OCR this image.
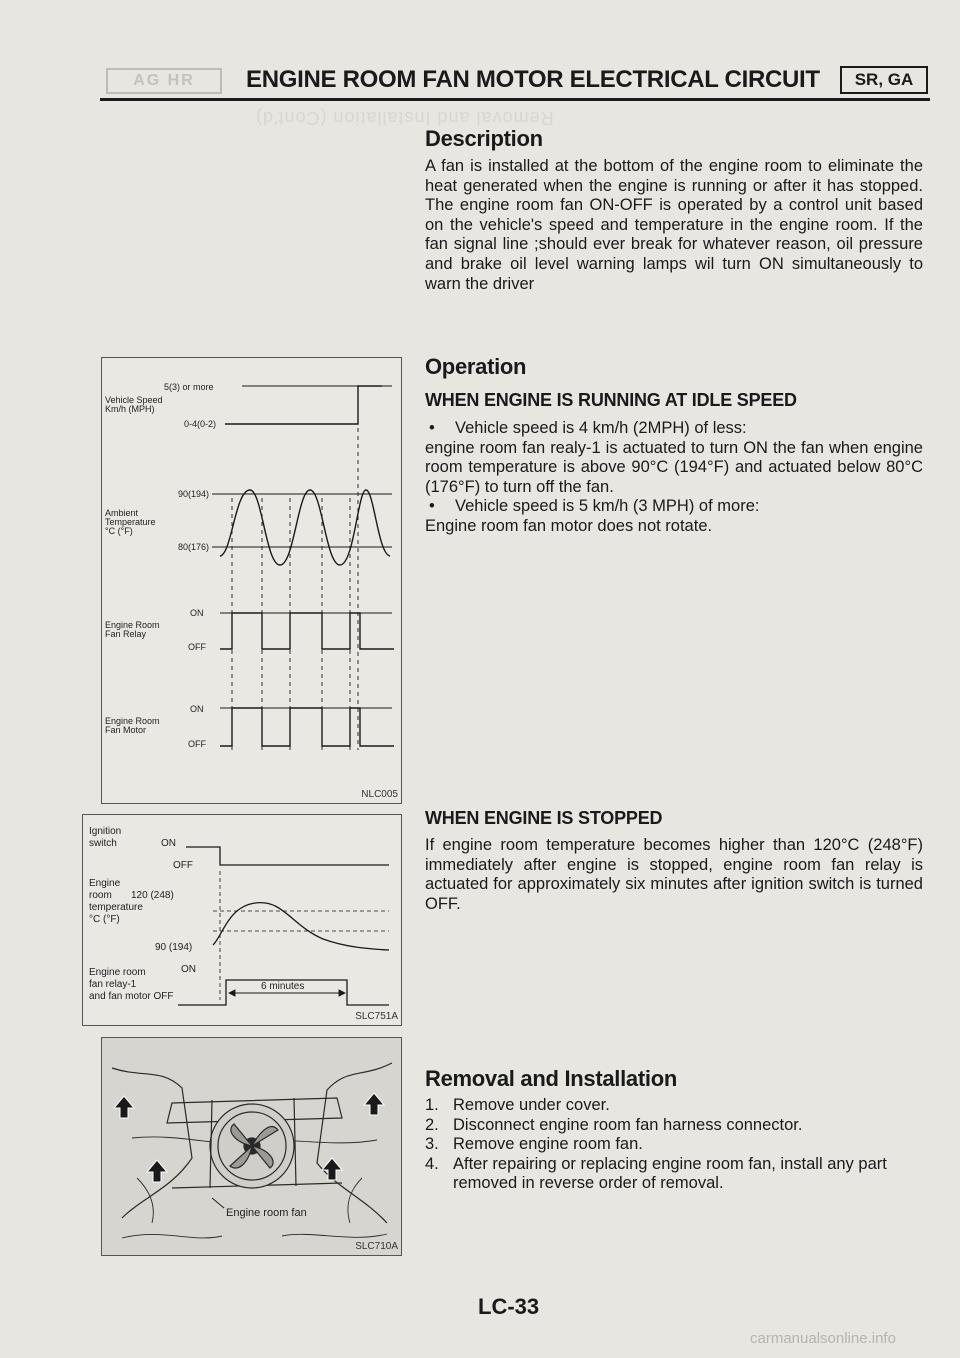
AG HR	ENGINE ROOM FAN MOTOR ELECTRICAL CIRCUIT	SR, GA
Removal and Installation (Cont'd)
Description
A fan is installed at the bottom of the engine room to eliminate the heat generated when the engine is running or after it has stopped. The engine room fan ON-OFF is operated by a control unit based on the vehicle's speed and temperature in the engine room. If the fan signal line ;should ever break for whatever reason, oil pressure and brake oil level warning lamps wil turn ON simultaneously to warn the driver
Operation
WHEN ENGINE IS RUNNING AT IDLE SPEED
• Vehicle speed is 4 km/h (2MPH) of less:
engine room fan realy-1 is actuated to turn ON the fan when engine room temperature is above 90°C (194°F) and actuated below 80°C (176°F) to turn off the fan.
• Vehicle speed is 5 km/h (3 MPH) of more:
Engine room fan motor does not rotate.
WHEN ENGINE IS STOPPED
If engine room temperature becomes higher than 120°C (248°F) immediately after engine is stopped, engine room fan relay is actuated for approximately six minutes after ignition switch is turned OFF.
Removal and Installation
1. Remove under cover.
2. Disconnect engine room fan harness connector.
3. Remove engine room fan.
4. After repairing or replacing engine room fan, install any part removed in reverse order of removal.
5(3) or more
Vehicle Speed
Km/h (MPH)
0-4(0-2)
90(194)
Ambient
Temperature
°C (°F)
80(176)
Engine Room
Fan Relay
ON
OFF
Engine Room
Fan Motor
ON
OFF
NLC005
Ignition
switch	ON
OFF
Engine
room 120 (248)
temperature
°C (°F)
90 (194)
Engine room	ON
fan relay-1
and fan motor OFF
6 minutes
SLC751A
Engine room fan
SLC710A
LC-33
carmanualsonline.info
